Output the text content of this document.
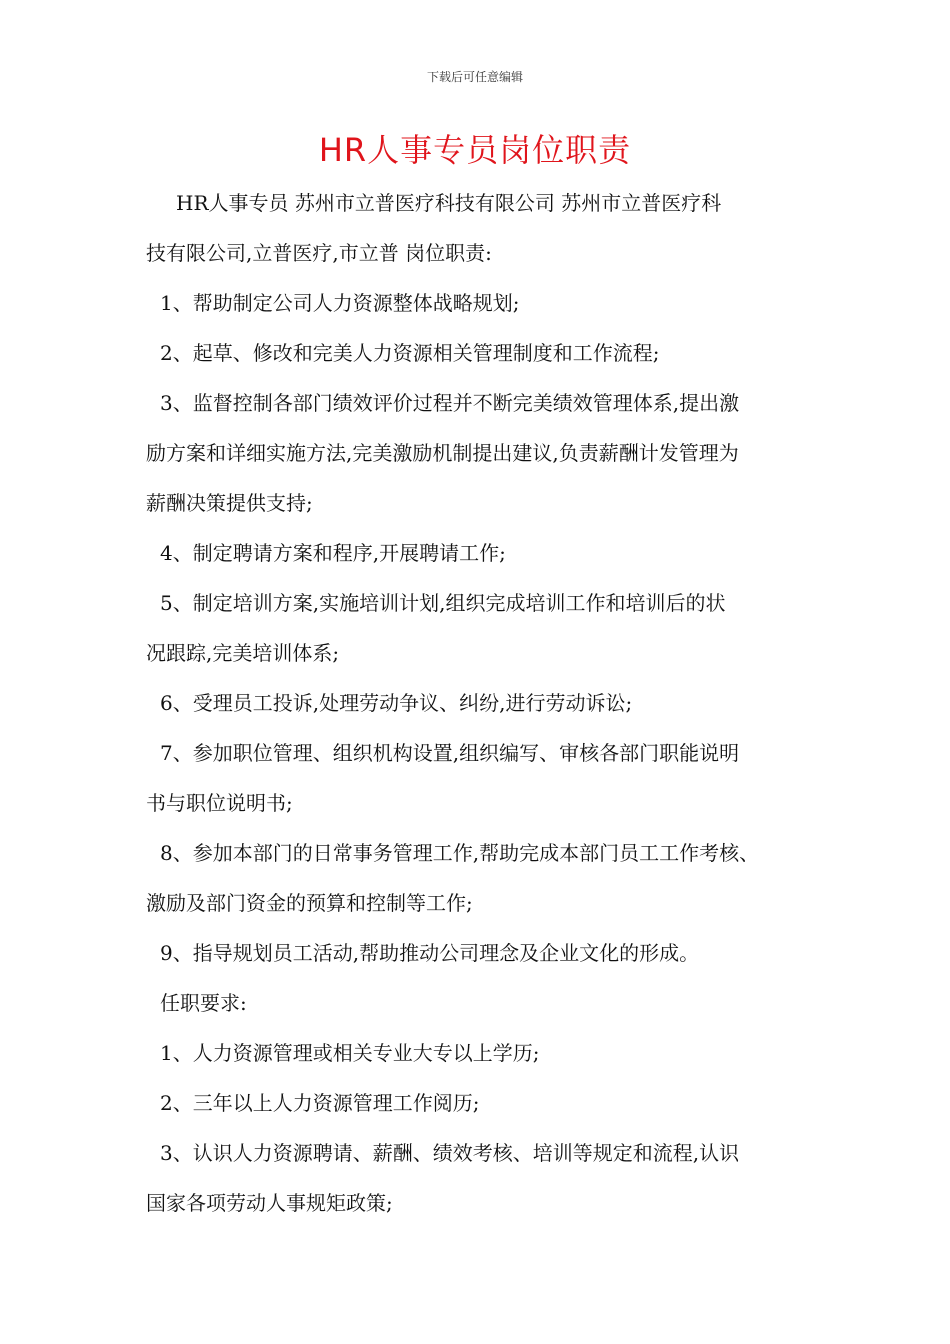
下载后可任意编辑
HR人事专员岗位职责
HR人事专员 苏州市立普医疗科技有限公司 苏州市立普医疗科
技有限公司,立普医疗,市立普 岗位职责:
1、帮助制定公司人力资源整体战略规划;
2、起草、修改和完美人力资源相关管理制度和工作流程;
3、监督控制各部门绩效评价过程并不断完美绩效管理体系,提出激
励方案和详细实施方法,完美激励机制提出建议,负责薪酬计发管理为
薪酬决策提供支持;
4、制定聘请方案和程序,开展聘请工作;
5、制定培训方案,实施培训计划,组织完成培训工作和培训后的状
况跟踪,完美培训体系;
6、受理员工投诉,处理劳动争议、纠纷,进行劳动诉讼;
7、参加职位管理、组织机构设置,组织编写、审核各部门职能说明
书与职位说明书;
8、参加本部门的日常事务管理工作,帮助完成本部门员工工作考核、
激励及部门资金的预算和控制等工作;
9、指导规划员工活动,帮助推动公司理念及企业文化的形成。
任职要求:
1、人力资源管理或相关专业大专以上学历;
2、三年以上人力资源管理工作阅历;
3、认识人力资源聘请、薪酬、绩效考核、培训等规定和流程,认识
国家各项劳动人事规矩政策;
